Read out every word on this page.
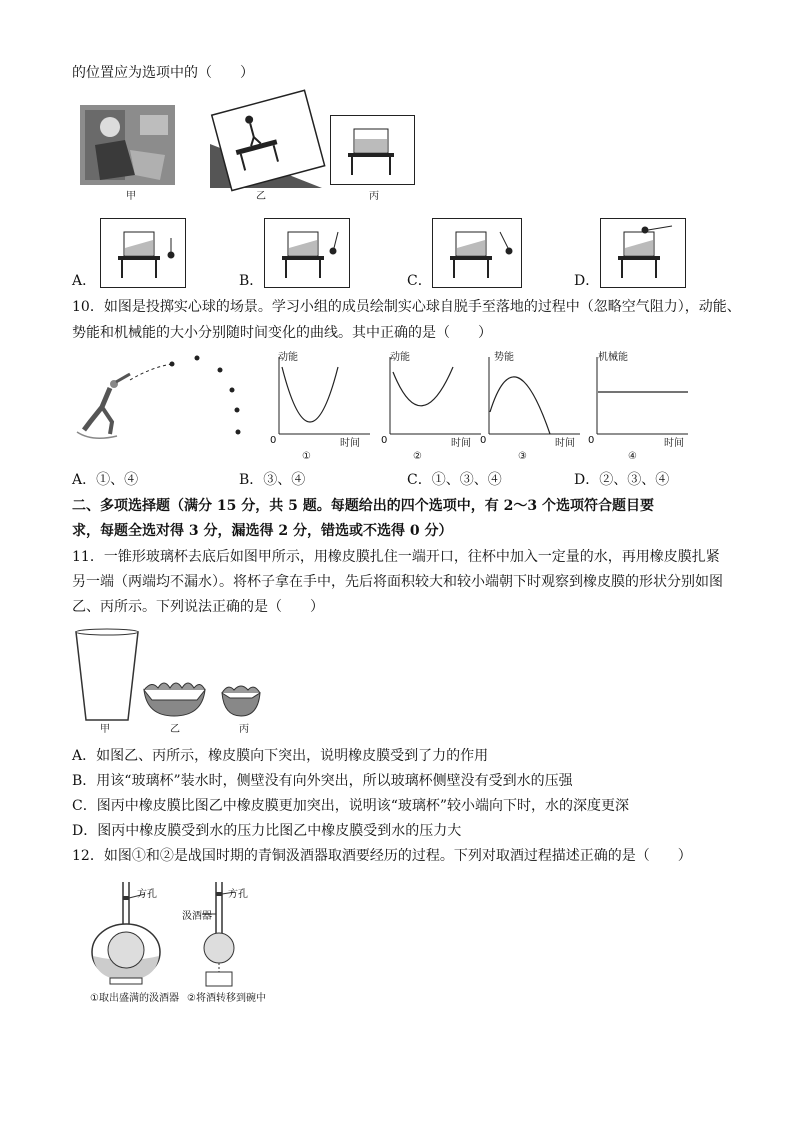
的位置应为选项中的（　　）
甲	乙	丙
A．	B．	C．	D．
10．如图是投掷实心球的场景。学习小组的成员绘制实心球自脱手至落地的过程中（忽略空气阻力），动能、
势能和机械能的大小分别随时间变化的曲线。其中正确的是（　　）
动能
0	时间
①
动能
0	时间
②
势能
0	时间
③
机械能
0	时间
④
A．①、④	B．③、④	C．①、③、④	D．②、③、④
二、多项选择题（满分 15 分，共 5 题。每题给出的四个选项中，有 2～3 个选项符合题目要
求，每题全选对得 3 分，漏选得 2 分，错选或不选得 0 分）
11．一锥形玻璃杯去底后如图甲所示，用橡皮膜扎住一端开口，往杯中加入一定量的水，再用橡皮膜扎紧
另一端（两端均不漏水）。将杯子拿在手中，先后将面积较大和较小端朝下时观察到橡皮膜的形状分别如图
乙、丙所示。下列说法正确的是（　　）
甲	乙	丙
A．如图乙、丙所示，橡皮膜向下突出，说明橡皮膜受到了力的作用
B．用该“玻璃杯”装水时，侧壁没有向外突出，所以玻璃杯侧壁没有受到水的压强
C．图丙中橡皮膜比图乙中橡皮膜更加突出，说明该“玻璃杯”较小端向下时，水的深度更深
D．图丙中橡皮膜受到水的压力比图乙中橡皮膜受到水的压力大
12．如图①和②是战国时期的青铜汲酒器取酒要经历的过程。下列对取酒过程描述正确的是（　　）
方孔
汲酒器
方孔
①取出盛满的汲酒器 ②将酒转移到碗中
